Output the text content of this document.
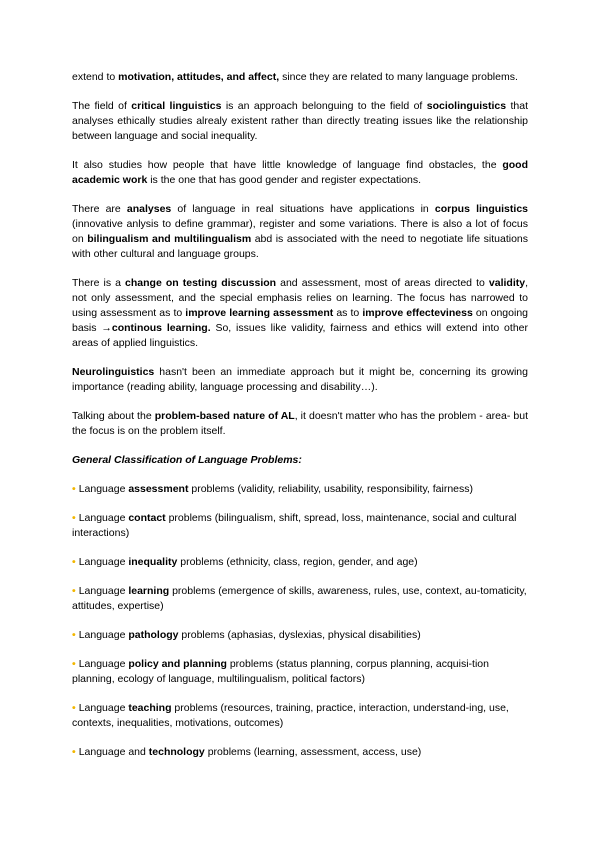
extend to motivation, attitudes, and affect, since they are related to many language problems.

The field of critical linguistics is an approach belonguing to the field of sociolinguistics that analyses ethically studies alrealy existent rather than directly treating issues like the relationship between language and social inequality.

It also studies how people that have little knowledge of language find obstacles, the good academic work is the one that has good gender and register expectations.

There are analyses of language in real situations have applications in corpus linguistics (innovative anlysis to define grammar), register and some variations. There is also a lot of focus on bilingualism and multilingualism abd is associated with the need to negotiate life situations with other cultural and language groups.

There is a change on testing discussion and assessment, most of areas directed to validity, not only assessment, and the special emphasis relies on learning. The focus has narrowed to using assessment as to improve learning assessment as to improve effecteviness on ongoing basis →continous learning. So, issues like validity, fairness and ethics will extend into other areas of applied linguistics.

Neurolinguistics hasn't been an immediate approach but it might be, concerning its growing importance (reading ability, language processing and disability…).

Talking about the problem-based nature of AL, it doesn't matter who has the problem - area- but the focus is on the problem itself.

General Classification of Language Problems:

• Language assessment problems (validity, reliability, usability, responsibility, fairness)

• Language contact problems (bilingualism, shift, spread, loss, maintenance, social and cultural interactions)

• Language inequality problems (ethnicity, class, region, gender, and age)

• Language learning problems (emergence of skills, awareness, rules, use, context, au-tomaticity, attitudes, expertise)

• Language pathology problems (aphasias, dyslexias, physical disabilities)

• Language policy and planning problems (status planning, corpus planning, acquisi-tion planning, ecology of language, multilingualism, political factors)

• Language teaching problems (resources, training, practice, interaction, understand-ing, use, contexts, inequalities, motivations, outcomes)

• Language and technology problems (learning, assessment, access, use)
